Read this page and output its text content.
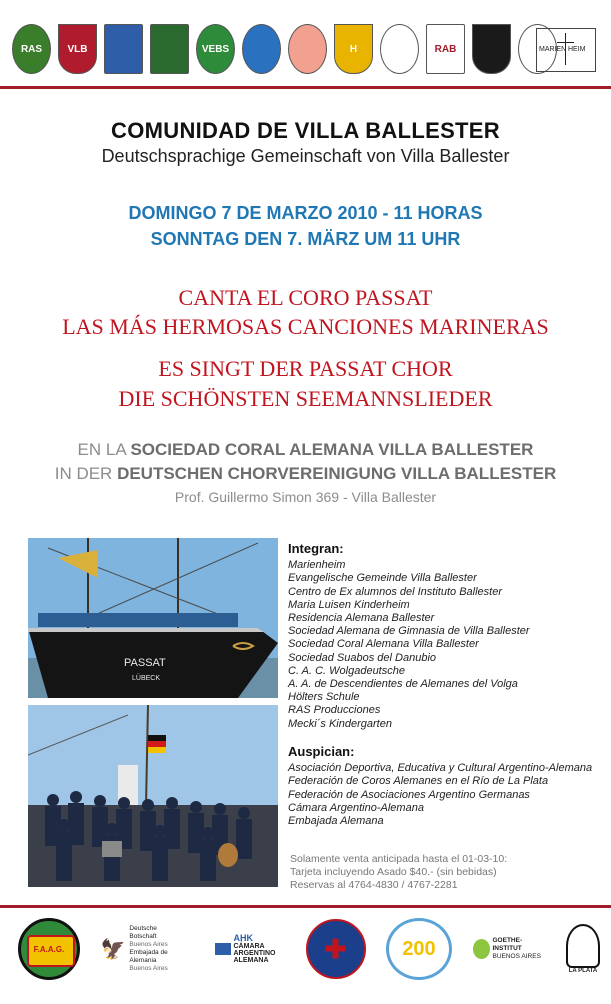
RAS	VLB	VEBS	H	RAB	MARIEN HEIM
COMUNIDAD DE VILLA BALLESTER
Deutschsprachige Gemeinschaft von Villa Ballester
DOMINGO 7 DE MARZO 2010 - 11 HORAS
SONNTAG DEN 7. MÄRZ UM 11 UHR
CANTA EL CORO PASSAT
LAS MÁS HERMOSAS CANCIONES MARINERAS
ES SINGT DER PASSAT CHOR
DIE SCHÖNSTEN SEEMANNSLIEDER
EN LA SOCIEDAD CORAL ALEMANA VILLA BALLESTER
IN DER DEUTSCHEN CHORVEREINIGUNG VILLA BALLESTER
Prof. Guillermo Simon 369 - Villa Ballester
PASSAT
LÜBECK
Integran:
Marienheim
Evangelische Gemeinde Villa Ballester
Centro de Ex alumnos del Instituto Ballester
Maria Luisen Kinderheim
Residencia Alemana Ballester
Sociedad Alemana de Gimnasia de Villa Ballester
Sociedad Coral Alemana Villa Ballester
Sociedad Suabos del Danubio
C. A. C. Wolgadeutsche
A. A. de Descendientes de Alemanes del Volga
Hölters Schule
RAS Producciones
Mecki´s Kindergarten
Auspician:
Asociación Deportiva, Educativa y Cultural Argentino-Alemana
Federación de Coros Alemanes en el Río de La Plata
Federación de Asociaciones Argentino Germanas
Cámara Argentino-Alemana
Embajada Alemana
Solamente venta anticipada hasta el 01-03-10:
Tarjeta incluyendo Asado $40.- (sin bebidas)
Reservas al 4764-4830 / 4767-2281
F.A.A.G. 🦅
Deutsche Botschaft
Buenos Aires
Embajada de Alemania
Buenos Aires
AHK
CÁMARA
ARGENTINO
ALEMANA ✚	200	GOETHE-INSTITUT
BUENOS AIRES
LA PLATA
